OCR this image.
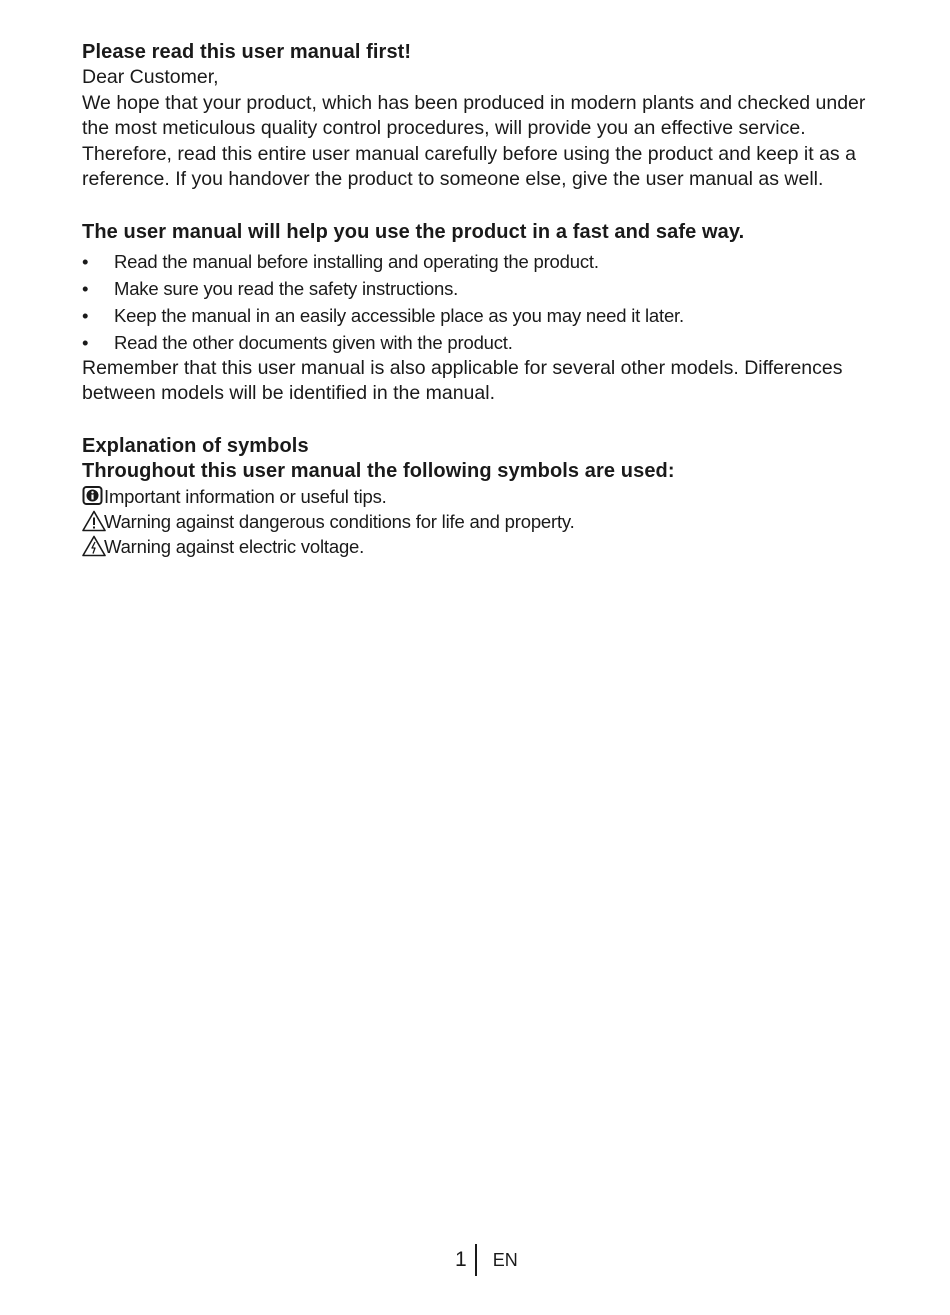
Please read this user manual first!

Dear Customer,

We hope that your product, which has been produced in modern plants and checked under the most meticulous quality control procedures, will provide you an effective service.

Therefore, read this entire user manual carefully before using the product and keep it as a reference. If you handover the product to someone else, give the user manual as well.

The user manual will help you use the product in a fast and safe way.

• Read the manual before installing and operating the product.
• Make sure you read the safety instructions.
• Keep the manual in an easily accessible place as you may need it later.
• Read the other documents given with the product.

Remember that this user manual is also applicable for several other models. Differences between models will be identified in the manual.

Explanation of symbols

Throughout this user manual the following symbols are used:

Important information or useful tips.
Warning against dangerous conditions for life and property.
Warning against electric voltage.
1 EN
